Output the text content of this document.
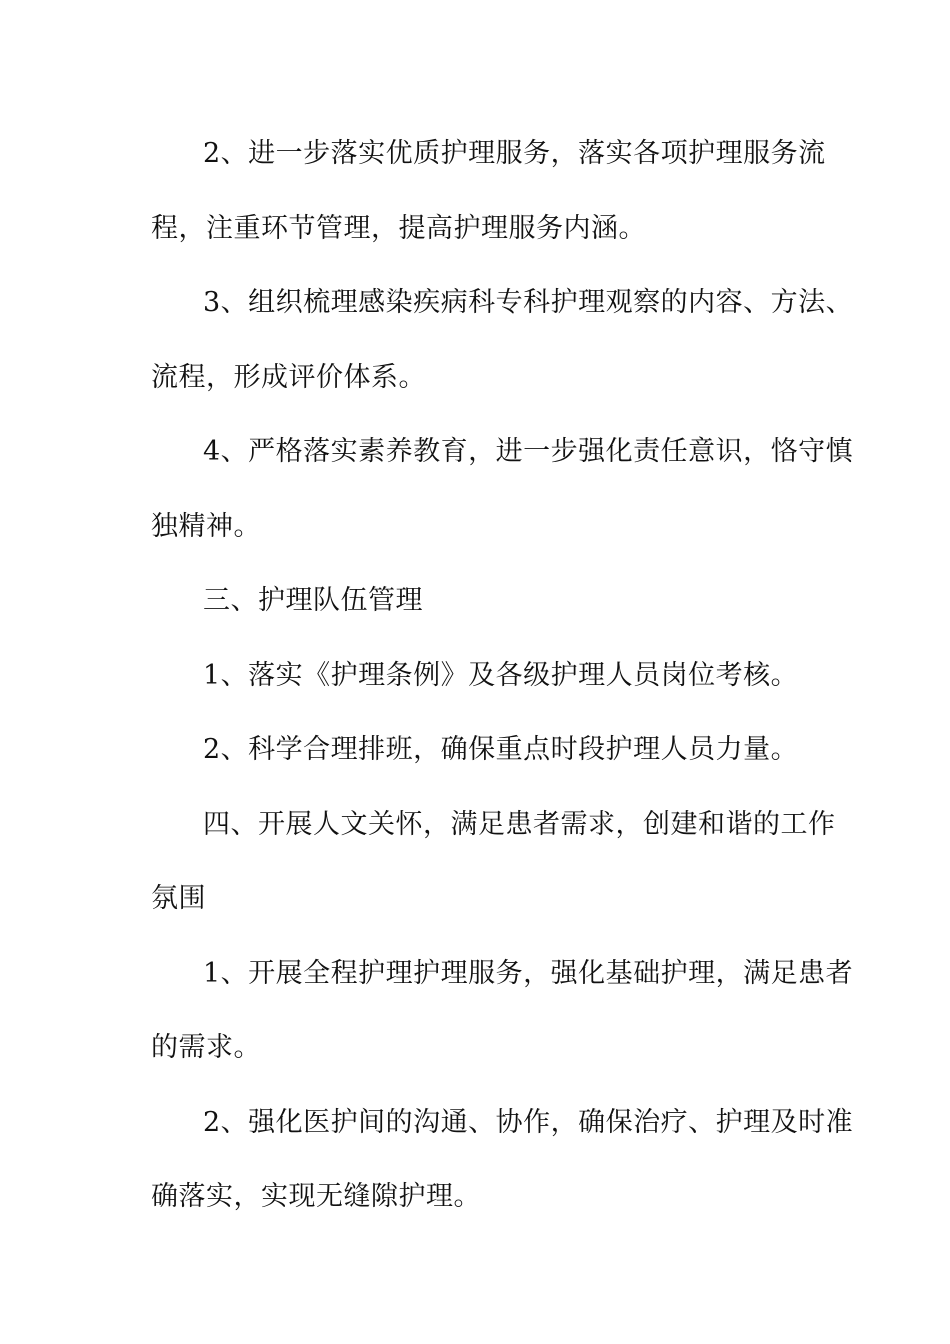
2、进一步落实优质护理服务，落实各项护理服务流
程，注重环节管理，提高护理服务内涵。
3、组织梳理感染疾病科专科护理观察的内容、方法、
流程，形成评价体系。
4、严格落实素养教育，进一步强化责任意识，恪守慎
独精神。
三、护理队伍管理
1、落实《护理条例》及各级护理人员岗位考核。
2、科学合理排班，确保重点时段护理人员力量。
四、开展人文关怀，满足患者需求，创建和谐的工作
氛围
1、开展全程护理护理服务，强化基础护理，满足患者
的需求。
2、强化医护间的沟通、协作，确保治疗、护理及时准
确落实，实现无缝隙护理。
